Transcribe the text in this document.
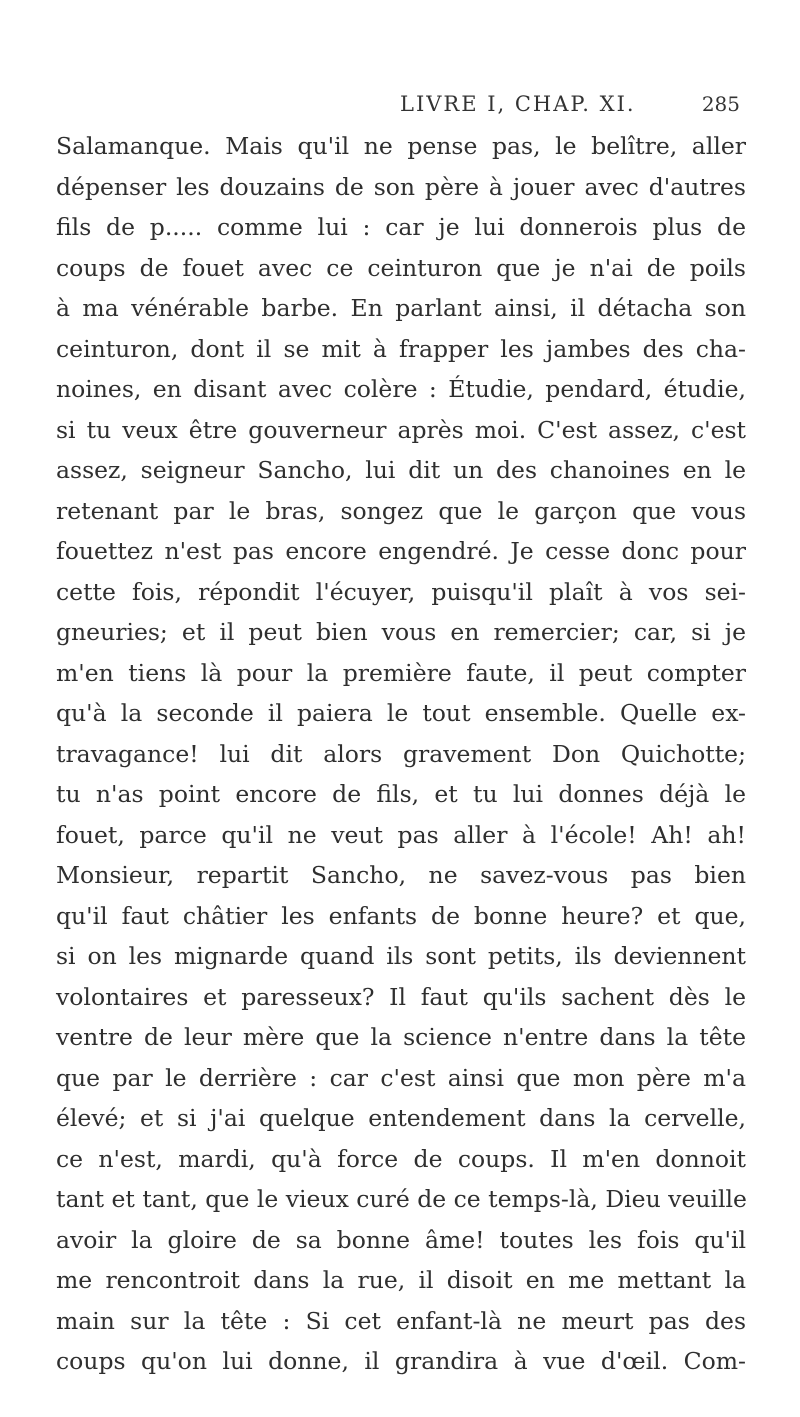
LIVRE I, CHAP. XI.	285
Salamanque. Mais qu'il ne pense pas, le belître, aller
dépenser les douzains de son père à jouer avec d'autres
fils de p..... comme lui : car je lui donnerois plus de
coups de fouet avec ce ceinturon que je n'ai de poils
à ma vénérable barbe. En parlant ainsi, il détacha son
ceinturon, dont il se mit à frapper les jambes des cha-
noines, en disant avec colère : Étudie, pendard, étudie,
si tu veux être gouverneur après moi. C'est assez, c'est
assez, seigneur Sancho, lui dit un des chanoines en le
retenant par le bras, songez que le garçon que vous
fouettez n'est pas encore engendré. Je cesse donc pour
cette fois, répondit l'écuyer, puisqu'il plaît à vos sei-
gneuries; et il peut bien vous en remercier; car, si je
m'en tiens là pour la première faute, il peut compter
qu'à la seconde il paiera le tout ensemble. Quelle ex-
travagance! lui dit alors gravement Don Quichotte;
tu n'as point encore de fils, et tu lui donnes déjà le
fouet, parce qu'il ne veut pas aller à l'école! Ah! ah!
Monsieur, repartit Sancho, ne savez-vous pas bien
qu'il faut châtier les enfants de bonne heure? et que,
si on les mignarde quand ils sont petits, ils deviennent
volontaires et paresseux? Il faut qu'ils sachent dès le
ventre de leur mère que la science n'entre dans la tête
que par le derrière : car c'est ainsi que mon père m'a
élevé; et si j'ai quelque entendement dans la cervelle,
ce n'est, mardi, qu'à force de coups. Il m'en donnoit
tant et tant, que le vieux curé de ce temps-là, Dieu veuille
avoir la gloire de sa bonne âme! toutes les fois qu'il
me rencontroit dans la rue, il disoit en me mettant la
main sur la tête : Si cet enfant-là ne meurt pas des
coups qu'on lui donne, il grandira à vue d'œil. Com-
